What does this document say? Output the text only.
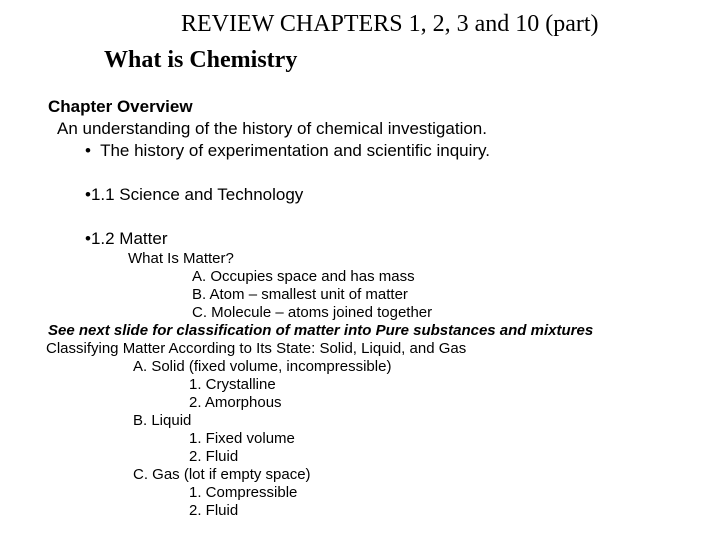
REVIEW CHAPTERS 1, 2, 3 and 10 (part)
What is Chemistry
Chapter Overview
An understanding of the history of chemical investigation.
•  The history of experimentation and scientific inquiry.
•1.1 Science and Technology
•1.2 Matter
What Is Matter?
A. Occupies space and has mass
B. Atom – smallest unit of matter
C. Molecule – atoms joined together
See next slide for classification of matter into Pure substances and mixtures
Classifying Matter According to Its State: Solid, Liquid, and Gas
A. Solid (fixed volume, incompressible)
1. Crystalline
2. Amorphous
B. Liquid
1. Fixed volume
2. Fluid
C. Gas (lot if empty space)
1. Compressible
2. Fluid
